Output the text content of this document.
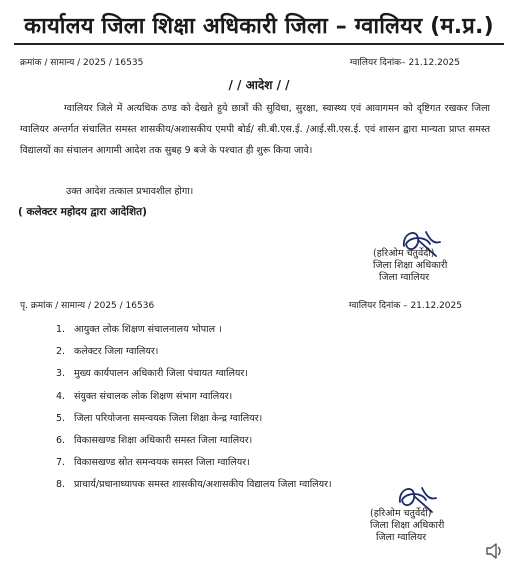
कार्यालय जिला शिक्षा अधिकारी जिला – ग्वालियर (म.प्र.)
क्रमांक / सामान्य / 2025 / 16535	ग्वालियर दिनांक– 21.12.2025
/ / आदेश / /
ग्वालियर जिले में अत्यधिक ठण्ड को देखते हुये छात्रों की सुविधा, सुरक्षा, स्वास्थ्य एवं आवागमन को दृष्टिगत रखकर जिला ग्वालियर अन्तर्गत संचालित समस्त शासकीय/अशासकीय एमपी बोर्ड/ सी.बी.एस.ई. /आई.सी.एस.ई. एवं शासन द्वारा मान्यता प्राप्त समस्त विद्यालयों का संचालन आगामी आदेश तक सुबह 9 बजे के पश्चात ही शुरू किया जावे।
उक्त आदेश तत्काल प्रभावशील होगा।
( कलेक्टर महोदय द्वारा आदेशित)
(हरिओम चतुर्वेदी)
जिला शिक्षा अधिकारी
जिला ग्वालियर
पृ. क्रमांक / सामान्य / 2025 / 16536	ग्वालियर दिनांक – 21.12.2025
1. आयुक्त लोक शिक्षण संचालनालय भोपाल ।
2. कलेक्टर जिला ग्वालियर।
3. मुख्य कार्यपालन अधिकारी जिला पंचायत ग्वालियर।
4. संयुक्त संचालक लोक शिक्षण संभाग ग्वालियर।
5. जिला परियोजना समन्वयक जिला शिक्षा केन्द्र ग्वालियर।
6. विकासखण्ड शिक्षा अधिकारी समस्त जिला ग्वालियर।
7. विकासखण्ड स्रोत समन्वयक समस्त जिला ग्वालियर।
8. प्राचार्य/प्रधानाध्यापक समस्त शासकीय/अशासकीय विद्यालय जिला ग्वालियर।
(हरिओम चतुर्वेदी)
जिला शिक्षा अधिकारी
जिला ग्वालियर
